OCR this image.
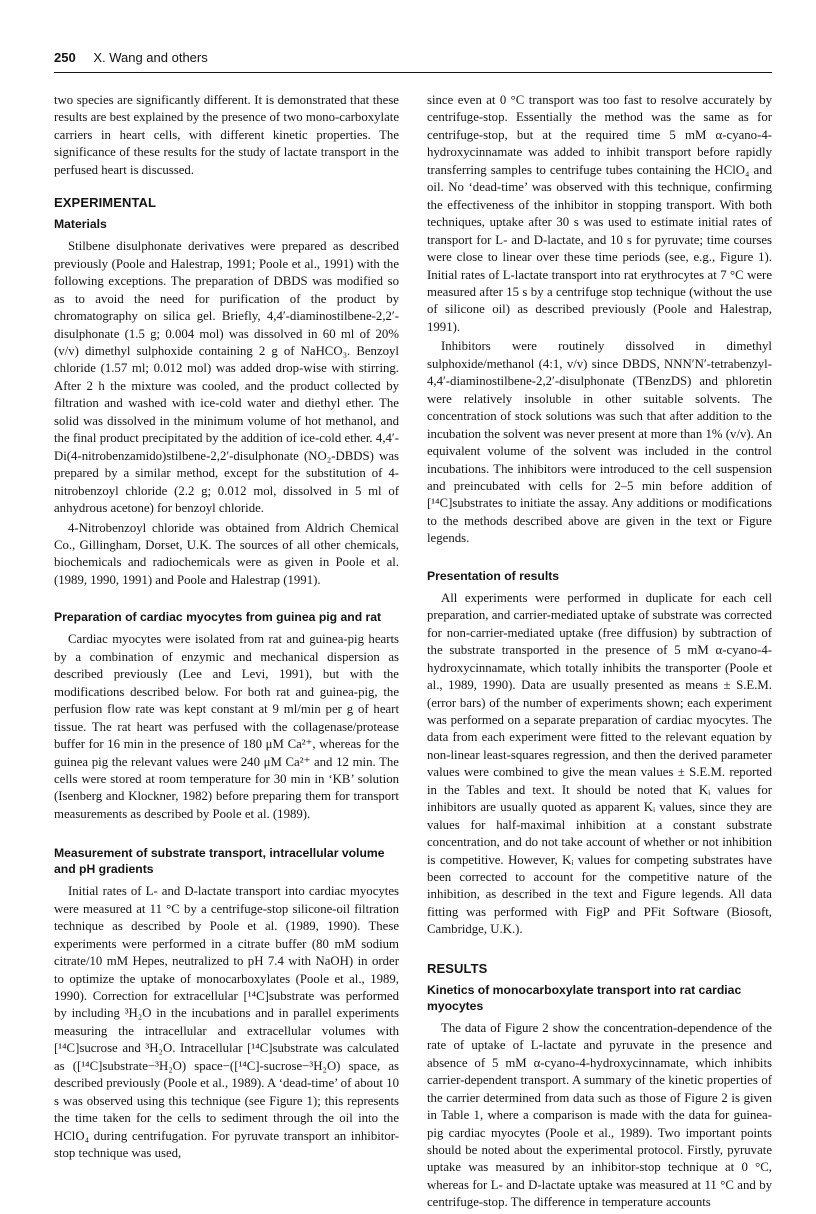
250 X. Wang and others

two species are significantly different. It is demonstrated that these results are best explained by the presence of two mono-carboxylate carriers in heart cells, with different kinetic properties. The significance of these results for the study of lactate transport in the perfused heart is discussed.

EXPERIMENTAL
Materials

Stilbene disulphonate derivatives were prepared as described previously (Poole and Halestrap, 1991; Poole et al., 1991) with the following exceptions. The preparation of DBDS was modified so as to avoid the need for purification of the product by chromatography on silica gel. Briefly, 4,4′-diaminostilbene-2,2′-disulphonate (1.5 g; 0.004 mol) was dissolved in 60 ml of 20% (v/v) dimethyl sulphoxide containing 2 g of NaHCO₃. Benzoyl chloride (1.57 ml; 0.012 mol) was added drop-wise with stirring. After 2 h the mixture was cooled, and the product collected by filtration and washed with ice-cold water and diethyl ether. The solid was dissolved in the minimum volume of hot methanol, and the final product precipitated by the addition of ice-cold ether. 4,4′-Di(4-nitrobenzamido)stilbene-2,2′-disulphonate (NO₂-DBDS) was prepared by a similar method, except for the substitution of 4-nitrobenzoyl chloride (2.2 g; 0.012 mol, dissolved in 5 ml of anhydrous acetone) for benzoyl chloride.

4-Nitrobenzoyl chloride was obtained from Aldrich Chemical Co., Gillingham, Dorset, U.K. The sources of all other chemicals, biochemicals and radiochemicals were as given in Poole et al. (1989, 1990, 1991) and Poole and Halestrap (1991).

Preparation of cardiac myocytes from guinea pig and rat

Cardiac myocytes were isolated from rat and guinea-pig hearts by a combination of enzymic and mechanical dispersion as described previously (Lee and Levi, 1991), but with the modifications described below. For both rat and guinea-pig, the perfusion flow rate was kept constant at 9 ml/min per g of heart tissue. The rat heart was perfused with the collagenase/protease buffer for 16 min in the presence of 180 μM Ca²⁺, whereas for the guinea pig the relevant values were 240 μM Ca²⁺ and 12 min. The cells were stored at room temperature for 30 min in ‘KB’ solution (Isenberg and Klockner, 1982) before preparing them for transport measurements as described by Poole et al. (1989).

Measurement of substrate transport, intracellular volume and pH gradients

Initial rates of L- and D-lactate transport into cardiac myocytes were measured at 11 °C by a centrifuge-stop silicone-oil filtration technique as described by Poole et al. (1989, 1990). These experiments were performed in a citrate buffer (80 mM sodium citrate/10 mM Hepes, neutralized to pH 7.4 with NaOH) in order to optimize the uptake of monocarboxylates (Poole et al., 1989, 1990). Correction for extracellular [¹⁴C]substrate was performed by including ³H₂O in the incubations and in parallel experiments measuring the intracellular and extracellular volumes with [¹⁴C]sucrose and ³H₂O. Intracellular [¹⁴C]substrate was calculated as ([¹⁴C]substrate−³H₂O) space−([¹⁴C]-sucrose−³H₂O) space, as described previously (Poole et al., 1989). A ‘dead-time’ of about 10 s was observed using this technique (see Figure 1); this represents the time taken for the cells to sediment through the oil into the HClO₄ during centrifugation. For pyruvate transport an inhibitor-stop technique was used,

since even at 0 °C transport was too fast to resolve accurately by centrifuge-stop. Essentially the method was the same as for centrifuge-stop, but at the required time 5 mM α-cyano-4-hydroxycinnamate was added to inhibit transport before rapidly transferring samples to centrifuge tubes containing the HClO₄ and oil. No ‘dead-time’ was observed with this technique, confirming the effectiveness of the inhibitor in stopping transport. With both techniques, uptake after 30 s was used to estimate initial rates of transport for L- and D-lactate, and 10 s for pyruvate; time courses were close to linear over these time periods (see, e.g., Figure 1). Initial rates of L-lactate transport into rat erythrocytes at 7 °C were measured after 15 s by a centrifuge stop technique (without the use of silicone oil) as described previously (Poole and Halestrap, 1991).

Inhibitors were routinely dissolved in dimethyl sulphoxide/methanol (4:1, v/v) since DBDS, NNN′N′-tetrabenzyl-4,4′-diaminostilbene-2,2′-disulphonate (TBenzDS) and phloretin were relatively insoluble in other suitable solvents. The concentration of stock solutions was such that after addition to the incubation the solvent was never present at more than 1% (v/v). An equivalent volume of the solvent was included in the control incubations. The inhibitors were introduced to the cell suspension and preincubated with cells for 2–5 min before addition of [¹⁴C]substrates to initiate the assay. Any additions or modifications to the methods described above are given in the text or Figure legends.

Presentation of results

All experiments were performed in duplicate for each cell preparation, and carrier-mediated uptake of substrate was corrected for non-carrier-mediated uptake (free diffusion) by subtraction of the substrate transported in the presence of 5 mM α-cyano-4-hydroxycinnamate, which totally inhibits the transporter (Poole et al., 1989, 1990). Data are usually presented as means ± S.E.M. (error bars) of the number of experiments shown; each experiment was performed on a separate preparation of cardiac myocytes. The data from each experiment were fitted to the relevant equation by non-linear least-squares regression, and then the derived parameter values were combined to give the mean values ± S.E.M. reported in the Tables and text. It should be noted that Kᵢ values for inhibitors are usually quoted as apparent Kᵢ values, since they are values for half-maximal inhibition at a constant substrate concentration, and do not take account of whether or not inhibition is competitive. However, Kᵢ values for competing substrates have been corrected to account for the competitive nature of the inhibition, as described in the text and Figure legends. All data fitting was performed with FigP and PFit Software (Biosoft, Cambridge, U.K.).

RESULTS
Kinetics of monocarboxylate transport into rat cardiac myocytes

The data of Figure 2 show the concentration-dependence of the rate of uptake of L-lactate and pyruvate in the presence and absence of 5 mM α-cyano-4-hydroxycinnamate, which inhibits carrier-dependent transport. A summary of the kinetic properties of the carrier determined from data such as those of Figure 2 is given in Table 1, where a comparison is made with the data for guinea-pig cardiac myocytes (Poole et al., 1989). Two important points should be noted about the experimental protocol. Firstly, pyruvate uptake was measured by an inhibitor-stop technique at 0 °C, whereas for L- and D-lactate uptake was measured at 11 °C and by centrifuge-stop. The difference in temperature accounts
